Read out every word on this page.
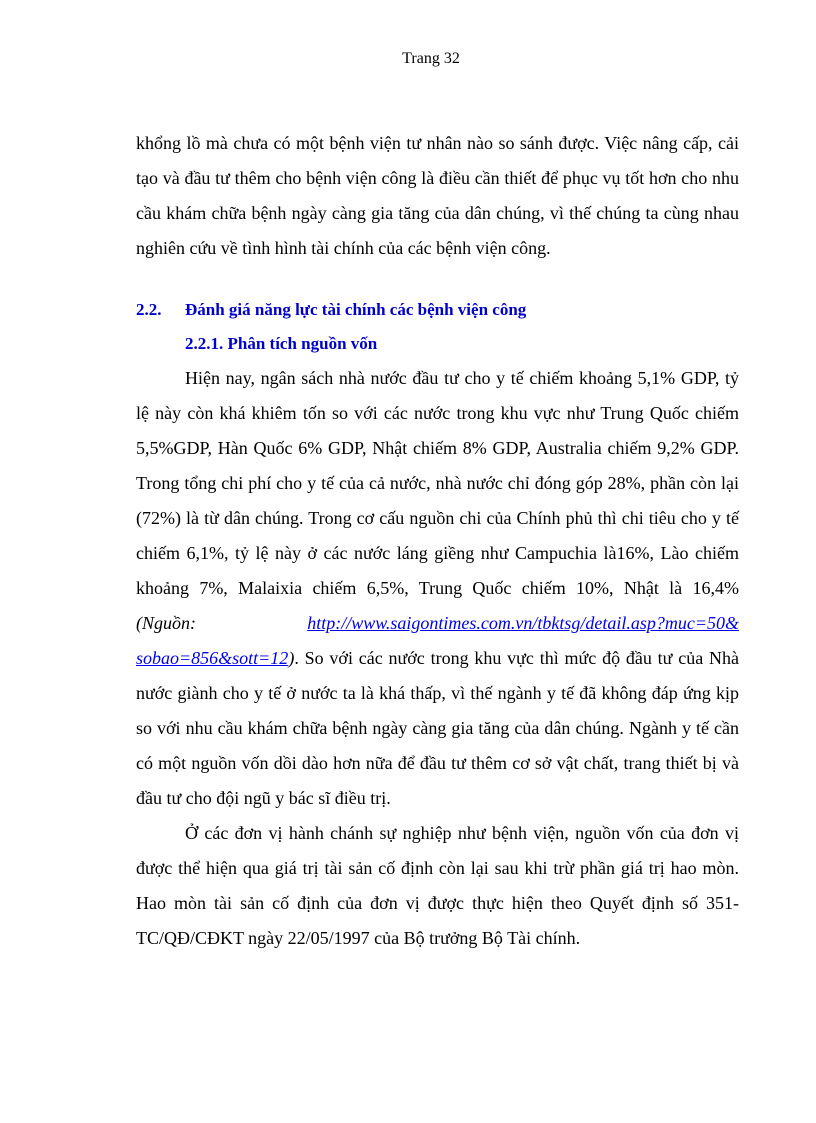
Trang 32

khổng lồ mà chưa có một bệnh viện tư nhân nào so sánh được. Việc nâng cấp, cải tạo và đầu tư thêm cho bệnh viện công là điều cần thiết để phục vụ tốt hơn cho nhu cầu khám chữa bệnh ngày càng gia tăng của dân chúng, vì thế chúng ta cùng nhau nghiên cứu về tình hình tài chính của các bệnh viện công.

2.2.	Đánh giá năng lực tài chính các bệnh viện công
2.2.1. Phân tích nguồn vốn

Hiện nay, ngân sách nhà nước đầu tư cho y tế chiếm khoảng 5,1% GDP, tỷ lệ này còn khá khiêm tốn so với các nước trong khu vực như Trung Quốc chiếm 5,5%GDP, Hàn Quốc 6% GDP, Nhật chiếm 8% GDP, Australia chiếm 9,2% GDP. Trong tổng chi phí cho y tế của cả nước, nhà nước chỉ đóng góp 28%, phần còn lại (72%) là từ dân chúng. Trong cơ cấu nguồn chi của Chính phủ thì chi tiêu cho y tế chiếm 6,1%, tỷ lệ này ở các nước láng giềng như Campuchia là16%, Lào chiếm khoảng 7%, Malaixia chiếm 6,5%, Trung Quốc chiếm 10%, Nhật là 16,4% (Nguồn: http://www.saigontimes.com.vn/tbktsg/detail.asp?muc=50& sobao=856&sott=12). So với các nước trong khu vực thì mức độ đầu tư của Nhà nước giành cho y tế ở nước ta là khá thấp, vì thế ngành y tế đã không đáp ứng kịp so với nhu cầu khám chữa bệnh ngày càng gia tăng của dân chúng. Ngành y tế cần có một nguồn vốn dồi dào hơn nữa để đầu tư thêm cơ sở vật chất, trang thiết bị và đầu tư cho đội ngũ y bác sĩ điều trị.

Ở các đơn vị hành chánh sự nghiệp như bệnh viện, nguồn vốn của đơn vị được thể hiện qua giá trị tài sản cố định còn lại sau khi trừ phần giá trị hao mòn. Hao mòn tài sản cố định của đơn vị được thực hiện theo Quyết định số 351-TC/QĐ/CĐKT ngày 22/05/1997 của Bộ trưởng Bộ Tài chính.
